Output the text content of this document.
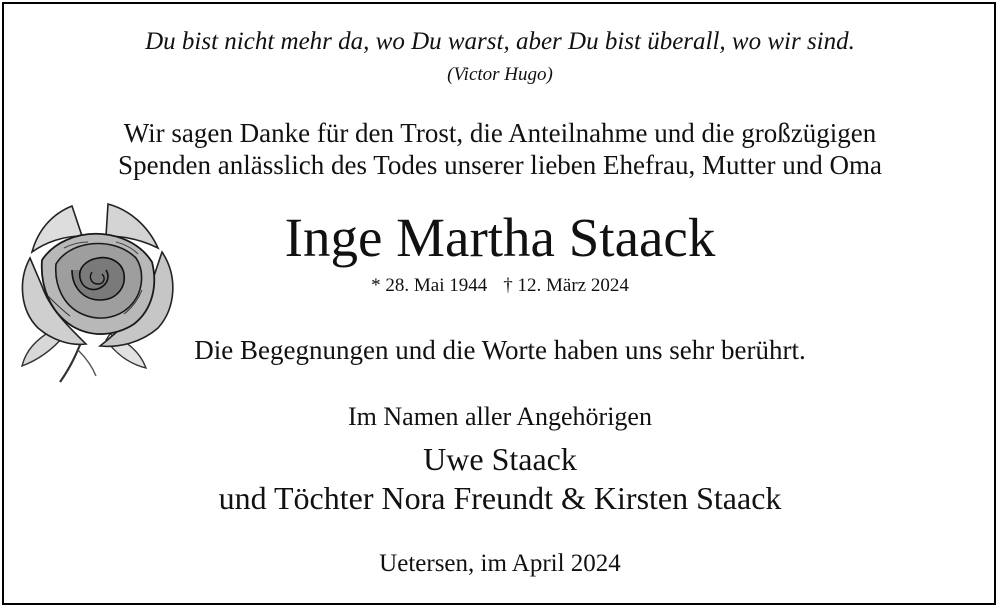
Du bist nicht mehr da, wo Du warst, aber Du bist überall, wo wir sind.
(Victor Hugo)
Wir sagen Danke für den Trost, die Anteilnahme und die großzügigen
Spenden anlässlich des Todes unserer lieben Ehefrau, Mutter und Oma
Inge Martha Staack
* 28. Mai 1944 † 12. März 2024
Die Begegnungen und die Worte haben uns sehr berührt.
Im Namen aller Angehörigen
Uwe Staack
und Töchter Nora Freundt & Kirsten Staack
Uetersen, im April 2024
